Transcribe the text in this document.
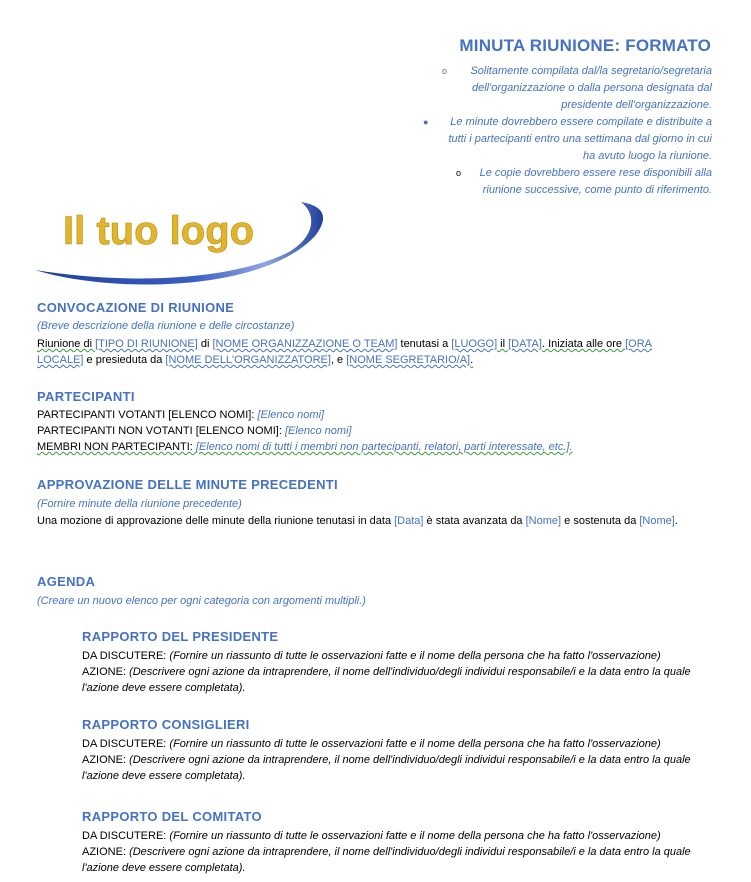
MINUTA RIUNIONE: FORMATO
o	Solitamente compilata dal/la segretario/segretaria
dell'organizzazione o dalla persona designata dal
presidente dell'organizzazione.
●	Le minute dovrebbero essere compilate e distribuite a
tutti i partecipanti entro una settimana dal giorno in cui
ha avuto luogo la riunione.
o	Le copie dovrebbero essere rese disponibili alla
riunione successive, come punto di riferimento.
Il tuo logo
CONVOCAZIONE DI RIUNIONE
(Breve descrizione della riunione e delle circostanze)
Riunione di [TIPO DI RIUNIONE] di [NOME ORGANIZZAZIONE O TEAM] tenutasi a [LUOGO] il [DATA]. Iniziata alle ore [ORA
LOCALE] e presieduta da [NOME DELL'ORGANIZZATORE], e [NOME SEGRETARIO/A].
PARTECIPANTI
PARTECIPANTI VOTANTI [ELENCO NOMI]: [Elenco nomi]
PARTECIPANTI NON VOTANTI [ELENCO NOMI]: [Elenco nomi]
MEMBRI NON PARTECIPANTI: [Elenco nomi di tutti i membri non partecipanti, relatori, parti interessate, etc.].
APPROVAZIONE DELLE MINUTE PRECEDENTI
(Fornire minute della riunione precedente)
Una mozione di approvazione delle minute della riunione tenutasi in data [Data] è stata avanzata da [Nome] e sostenuta da [Nome].
AGENDA
(Creare un nuovo elenco per ogni categoria con argomenti multipli.)
RAPPORTO DEL PRESIDENTE
DA DISCUTERE: (Fornire un riassunto di tutte le osservazioni fatte e il nome della persona che ha fatto l'osservazione)
AZIONE: (Descrivere ogni azione da intraprendere, il nome dell'individuo/degli individui responsabile/i e la data entro la quale
l'azione deve essere completata).
RAPPORTO CONSIGLIERI
DA DISCUTERE: (Fornire un riassunto di tutte le osservazioni fatte e il nome della persona che ha fatto l'osservazione)
AZIONE: (Descrivere ogni azione da intraprendere, il nome dell'individuo/degli individui responsabile/i e la data entro la quale
l'azione deve essere completata).
RAPPORTO DEL COMITATO
DA DISCUTERE: (Fornire un riassunto di tutte le osservazioni fatte e il nome della persona che ha fatto l'osservazione)
AZIONE: (Descrivere ogni azione da intraprendere, il nome dell'individuo/degli individui responsabile/i e la data entro la quale
l'azione deve essere completata).
